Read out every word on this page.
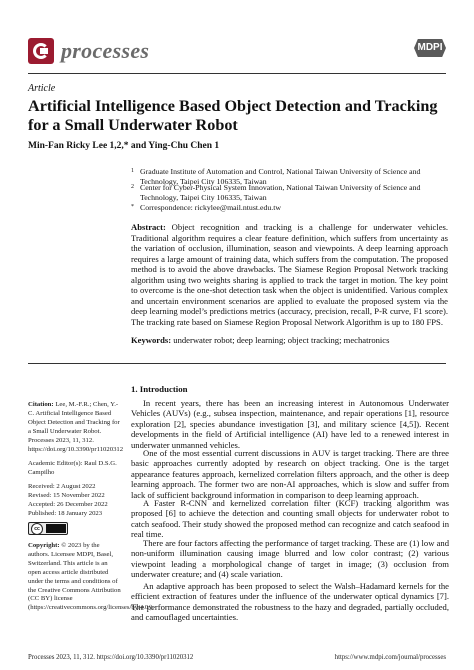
processes	MDPI
Article
Artificial Intelligence Based Object Detection and Tracking for a Small Underwater Robot
Min-Fan Ricky Lee 1,2,* and Ying-Chu Chen 1
1 Graduate Institute of Automation and Control, National Taiwan University of Science and Technology, Taipei City 106335, Taiwan
2 Center for Cyber-Physical System Innovation, National Taiwan University of Science and Technology, Taipei City 106335, Taiwan
* Correspondence: rickylee@mail.ntust.edu.tw

Abstract: Object recognition and tracking is a challenge for underwater vehicles. Traditional algorithm requires a clear feature definition, which suffers from uncertainty as the variation of occlusion, illumination, season and viewpoints. A deep learning approach requires a large amount of training data, which suffers from the computation. The proposed method is to avoid the above drawbacks. The Siamese Region Proposal Network tracking algorithm using two weights sharing is applied to track the target in motion. The key point to overcome is the one-shot detection task when the object is unidentified. Various complex and uncertain environment scenarios are applied to evaluate the proposed system via the deep learning model’s predictions metrics (accuracy, precision, recall, P-R curve, F1 score). The tracking rate based on Siamese Region Proposal Network Algorithm is up to 180 FPS.

Keywords: underwater robot; deep learning; object tracking; mechatronics

Citation: Lee, M.-F.R.; Chen, Y.-C. Artificial Intelligence Based Object Detection and Tracking for a Small Underwater Robot. Processes 2023, 11, 312. https://doi.org/10.3390/pr11020312
Academic Editor(s): Raul D.S.G. Campilho
Received: 2 August 2022
Revised: 15 November 2022
Accepted: 26 December 2022
Published: 18 January 2023
cc
Copyright: © 2023 by the authors. Licensee MDPI, Basel, Switzerland. This article is an open access article distributed under the terms and conditions of the Creative Commons Attribution (CC BY) license (https://creativecommons.org/licenses/by/4.0/).
1. Introduction

In recent years, there has been an increasing interest in Autonomous Underwater Vehicles (AUVs) (e.g., subsea inspection, maintenance, and repair operations [1], resource exploration [2], species abundance investigation [3], and military science [4,5]). Recent developments in the field of Artificial intelligence (AI) have led to a renewed interest in underwater unmanned vehicles.

One of the most essential current discussions in AUV is target tracking. There are three basic approaches currently adopted by research on object tracking. One is the target appearance features approach, kernelized correlation filters approach, and the other is deep learning approach. The former two are non-AI approaches, which is slow and suffer from lack of sufficient background information in comparison to deep learning approach.

A Faster R-CNN and kernelized correlation filter (KCF) tracking algorithm was proposed [6] to achieve the detection and counting small objects for underwater robot to catch seafood. Their study showed the proposed method can recognize and catch seafood in real time.

There are four factors affecting the performance of target tracking. These are (1) low and non-uniform illumination causing image blurred and low color contrast; (2) various viewpoint leading a morphological change of target in image; (3) occlusion from underwater creature; and (4) scale variation.

An adaptive approach has been proposed to select the Walsh–Hadamard kernels for the efficient extraction of features under the influence of the underwater optical dynamics [7]. The performance demonstrated the robustness to the hazy and degraded, partially occluded, and camouflaged uncertainties.

Processes 2023, 11, 312. https://doi.org/10.3390/pr11020312	https://www.mdpi.com/journal/processes
